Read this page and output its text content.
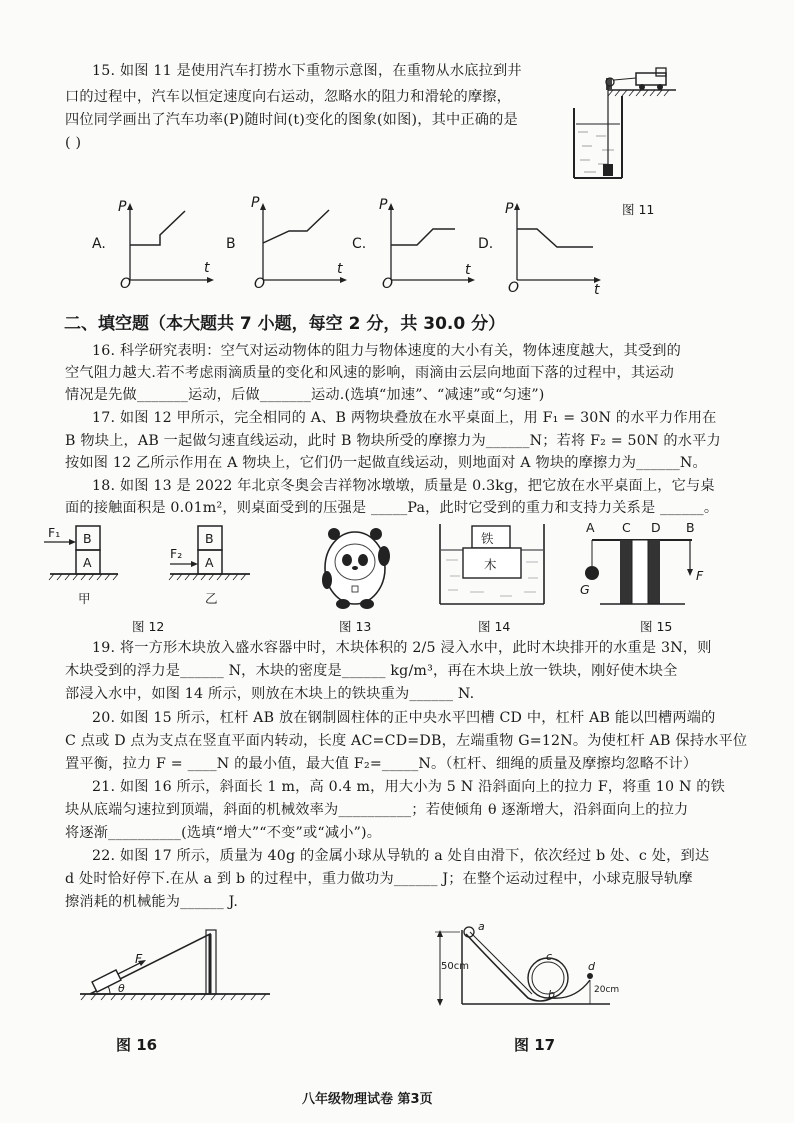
15. 如图 11 是使用汽车打捞水下重物示意图，在重物从水底拉到井
口的过程中，汽车以恒定速度向右运动，忽略水的阻力和滑轮的摩擦，
四位同学画出了汽车功率(P)随时间(t)变化的图象(如图)，其中正确的是
( )
图 11
A.	B	C.	D.
P	P	P	P
O	O	O	O
t	t	t
t
二、填空题（本大题共 7 小题，每空 2 分，共 30.0 分）
16. 科学研究表明：空气对运动物体的阻力与物体速度的大小有关，物体速度越大，其受到的
空气阻力越大.若不考虑雨滴质量的变化和风速的影响，雨滴由云层向地面下落的过程中，其运动
情况是先做_______运动，后做_______运动.(选填“加速”、“减速”或“匀速”)
17. 如图 12 甲所示，完全相同的 A、B 两物块叠放在水平桌面上，用 F₁ = 30N 的水平力作用在
B 物块上，AB 一起做匀速直线运动，此时 B 物块所受的摩擦力为______N；若将 F₂ = 50N 的水平力
按如图 12 乙所示作用在 A 物块上，它们仍一起做直线运动，则地面对 A 物块的摩擦力为______N。
18. 如图 13 是 2022 年北京冬奥会吉祥物冰墩墩，质量是 0.3kg，把它放在水平桌面上，它与桌
面的接触面积是 0.01m²，则桌面受到的压强是 _____Pa，此时它受到的重力和支持力关系是 ______。
B
A
F₁	B
A
F₂
甲	乙
铁
木
A C D B
G
F
图 12	图 13	图 14	图 15
19. 将一方形木块放入盛水容器中时，木块体积的 2/5 浸入水中，此时木块排开的水重是 3N，则
木块受到的浮力是______ N，木块的密度是______ kg/m³，再在木块上放一铁块，刚好使木块全
部浸入水中，如图 14 所示，则放在木块上的铁块重为______ N.
20. 如图 15 所示，杠杆 AB 放在钢制圆柱体的正中央水平凹槽 CD 中，杠杆 AB 能以凹槽两端的
C 点或 D 点为支点在竖直平面内转动，长度 AC=CD=DB，左端重物 G=12N。为使杠杆 AB 保持水平位
置平衡，拉力 F = ____N 的最小值，最大值 F₂=_____N。（杠杆、细绳的质量及摩擦均忽略不计）
21. 如图 16 所示，斜面长 1 m，高 0.4 m，用大小为 5 N 沿斜面向上的拉力 F，将重 10 N 的铁
块从底端匀速拉到顶端，斜面的机械效率为__________；若使倾角 θ 逐渐增大，沿斜面向上的拉力
将逐渐__________(选填“增大”“不变”或“减小”)。
22. 如图 17 所示，质量为 40g 的金属小球从导轨的 a 处自由滑下，依次经过 b 处、c 处，到达
d 处时恰好停下.在从 a 到 b 的过程中，重力做功为______ J；在整个运动过程中，小球克服导轨摩
擦消耗的机械能为______ J.
F
θ
50cm
20cm
a
b
c
d
图 16	图 17
八年级物理试卷 第3页
